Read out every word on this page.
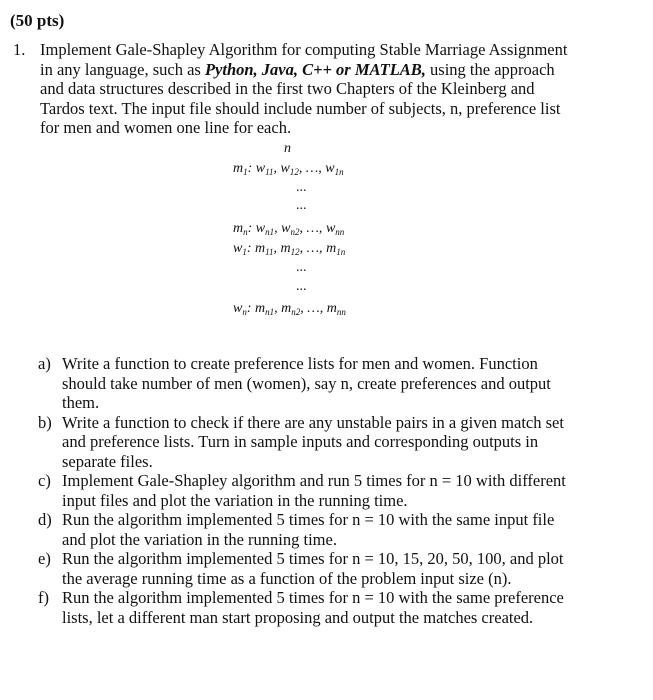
(50 pts)
1. Implement Gale-Shapley Algorithm for computing Stable Marriage Assignment
in any language, such as Python, Java, C++ or MATLAB, using the approach
and data structures described in the first two Chapters of the Kleinberg and
Tardos text. The input file should include number of subjects, n, preference list
for men and women one line for each.
n
$m_1$: $w_{11}$, $w_{12}$, …, $w_{1n}$
...
...
$m_n$: $w_{n1}$, $w_{n2}$, …, $w_{nn}$
$w_1$: $m_{11}$, $m_{12}$, …, $m_{1n}$
...
...
$w_n$: $m_{n1}$, $m_{n2}$, …, $m_{nn}$
a) Write a function to create preference lists for men and women. Function
should take number of men (women), say n, create preferences and output
them.
b) Write a function to check if there are any unstable pairs in a given match set
and preference lists. Turn in sample inputs and corresponding outputs in
separate files.
c) Implement Gale-Shapley algorithm and run 5 times for n = 10 with different
input files and plot the variation in the running time.
d) Run the algorithm implemented 5 times for n = 10 with the same input file
and plot the variation in the running time.
e) Run the algorithm implemented 5 times for n = 10, 15, 20, 50, 100, and plot
the average running time as a function of the problem input size (n).
f) Run the algorithm implemented 5 times for n = 10 with the same preference
lists, let a different man start proposing and output the matches created.
